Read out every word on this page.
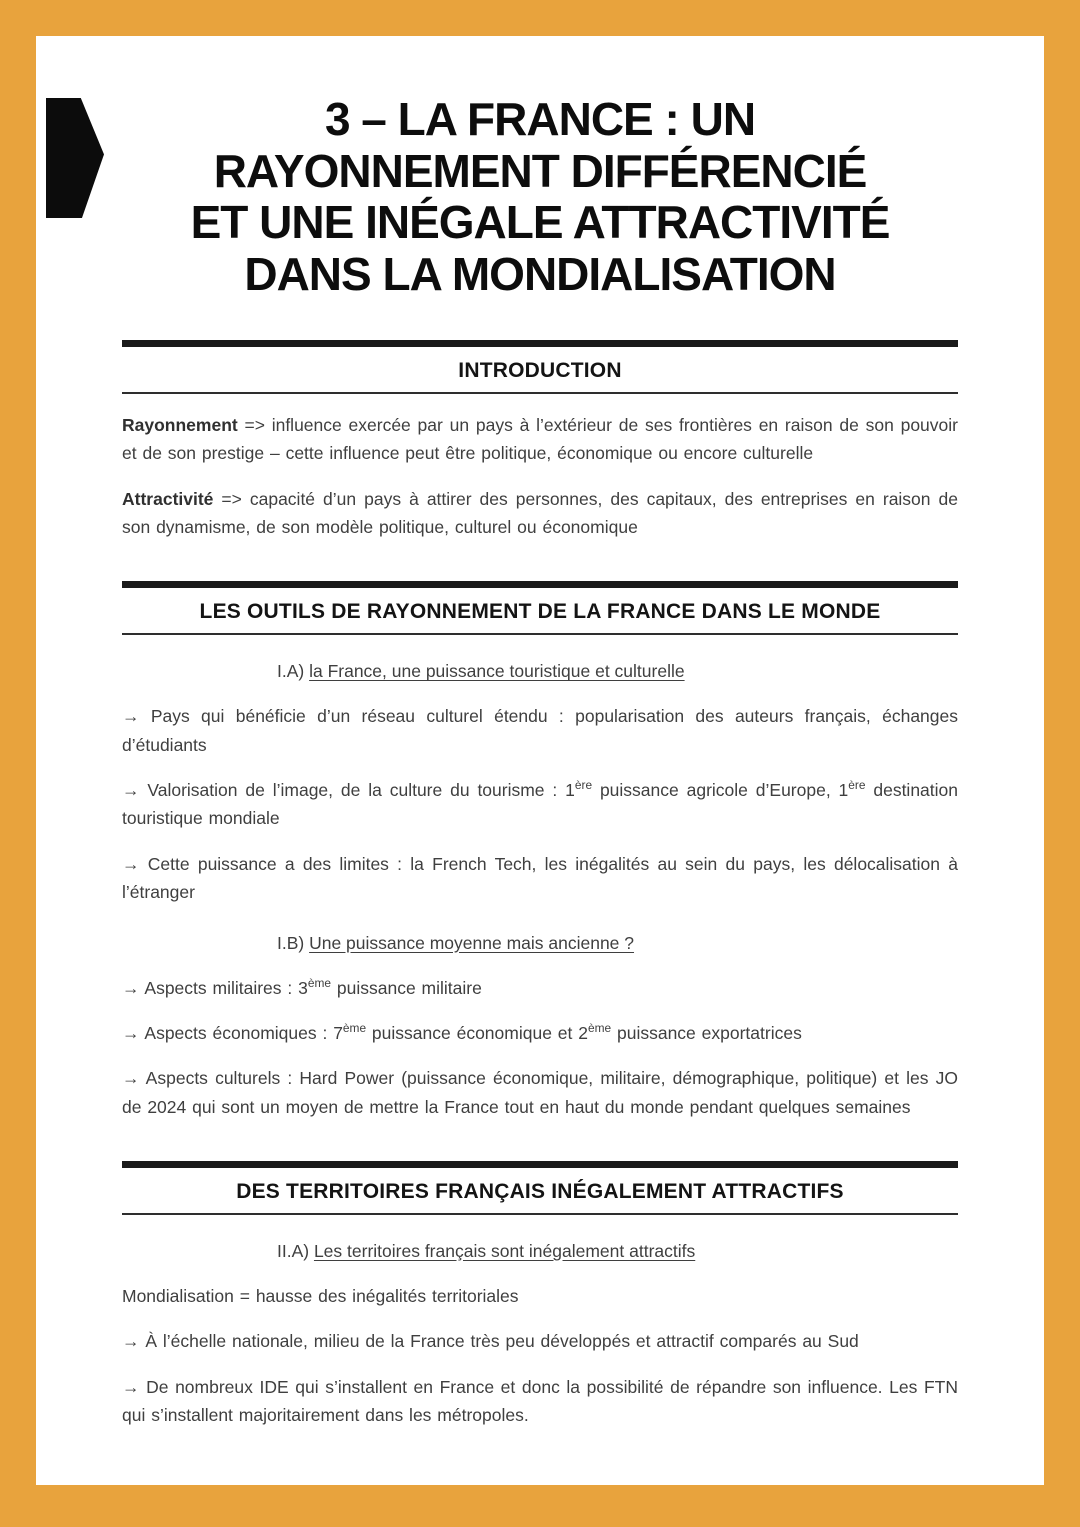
3 – LA FRANCE : UN
RAYONNEMENT DIFFÉRENCIÉ
ET UNE INÉGALE ATTRACTIVITÉ
DANS LA MONDIALISATION
INTRODUCTION

Rayonnement => influence exercée par un pays à l’extérieur de ses frontières en raison de son pouvoir et de son prestige – cette influence peut être politique, économique ou encore culturelle

Attractivité => capacité d’un pays à attirer des personnes, des capitaux, des entreprises en raison de son dynamisme, de son modèle politique, culturel ou économique

LES OUTILS DE RAYONNEMENT DE LA FRANCE DANS LE MONDE

I.A) la France, une puissance touristique et culturelle

→ Pays qui bénéficie d’un réseau culturel étendu : popularisation des auteurs français, échanges d’étudiants

→ Valorisation de l’image, de la culture du tourisme : 1ère puissance agricole d’Europe, 1ère destination touristique mondiale

→ Cette puissance a des limites : la French Tech, les inégalités au sein du pays, les délocalisation à l’étranger

I.B) Une puissance moyenne mais ancienne ?

→ Aspects militaires : 3ème puissance militaire

→ Aspects économiques : 7ème puissance économique et 2ème puissance exportatrices

→ Aspects culturels : Hard Power (puissance économique, militaire, démographique, politique) et les JO de 2024 qui sont un moyen de mettre la France tout en haut du monde pendant quelques semaines

DES TERRITOIRES FRANÇAIS INÉGALEMENT ATTRACTIFS

II.A) Les territoires français sont inégalement attractifs

Mondialisation = hausse des inégalités territoriales

→ À l’échelle nationale, milieu de la France très peu développés et attractif comparés au Sud

→ De nombreux IDE qui s’installent en France et donc la possibilité de répandre son influence. Les FTN qui s’installent majoritairement dans les métropoles.
